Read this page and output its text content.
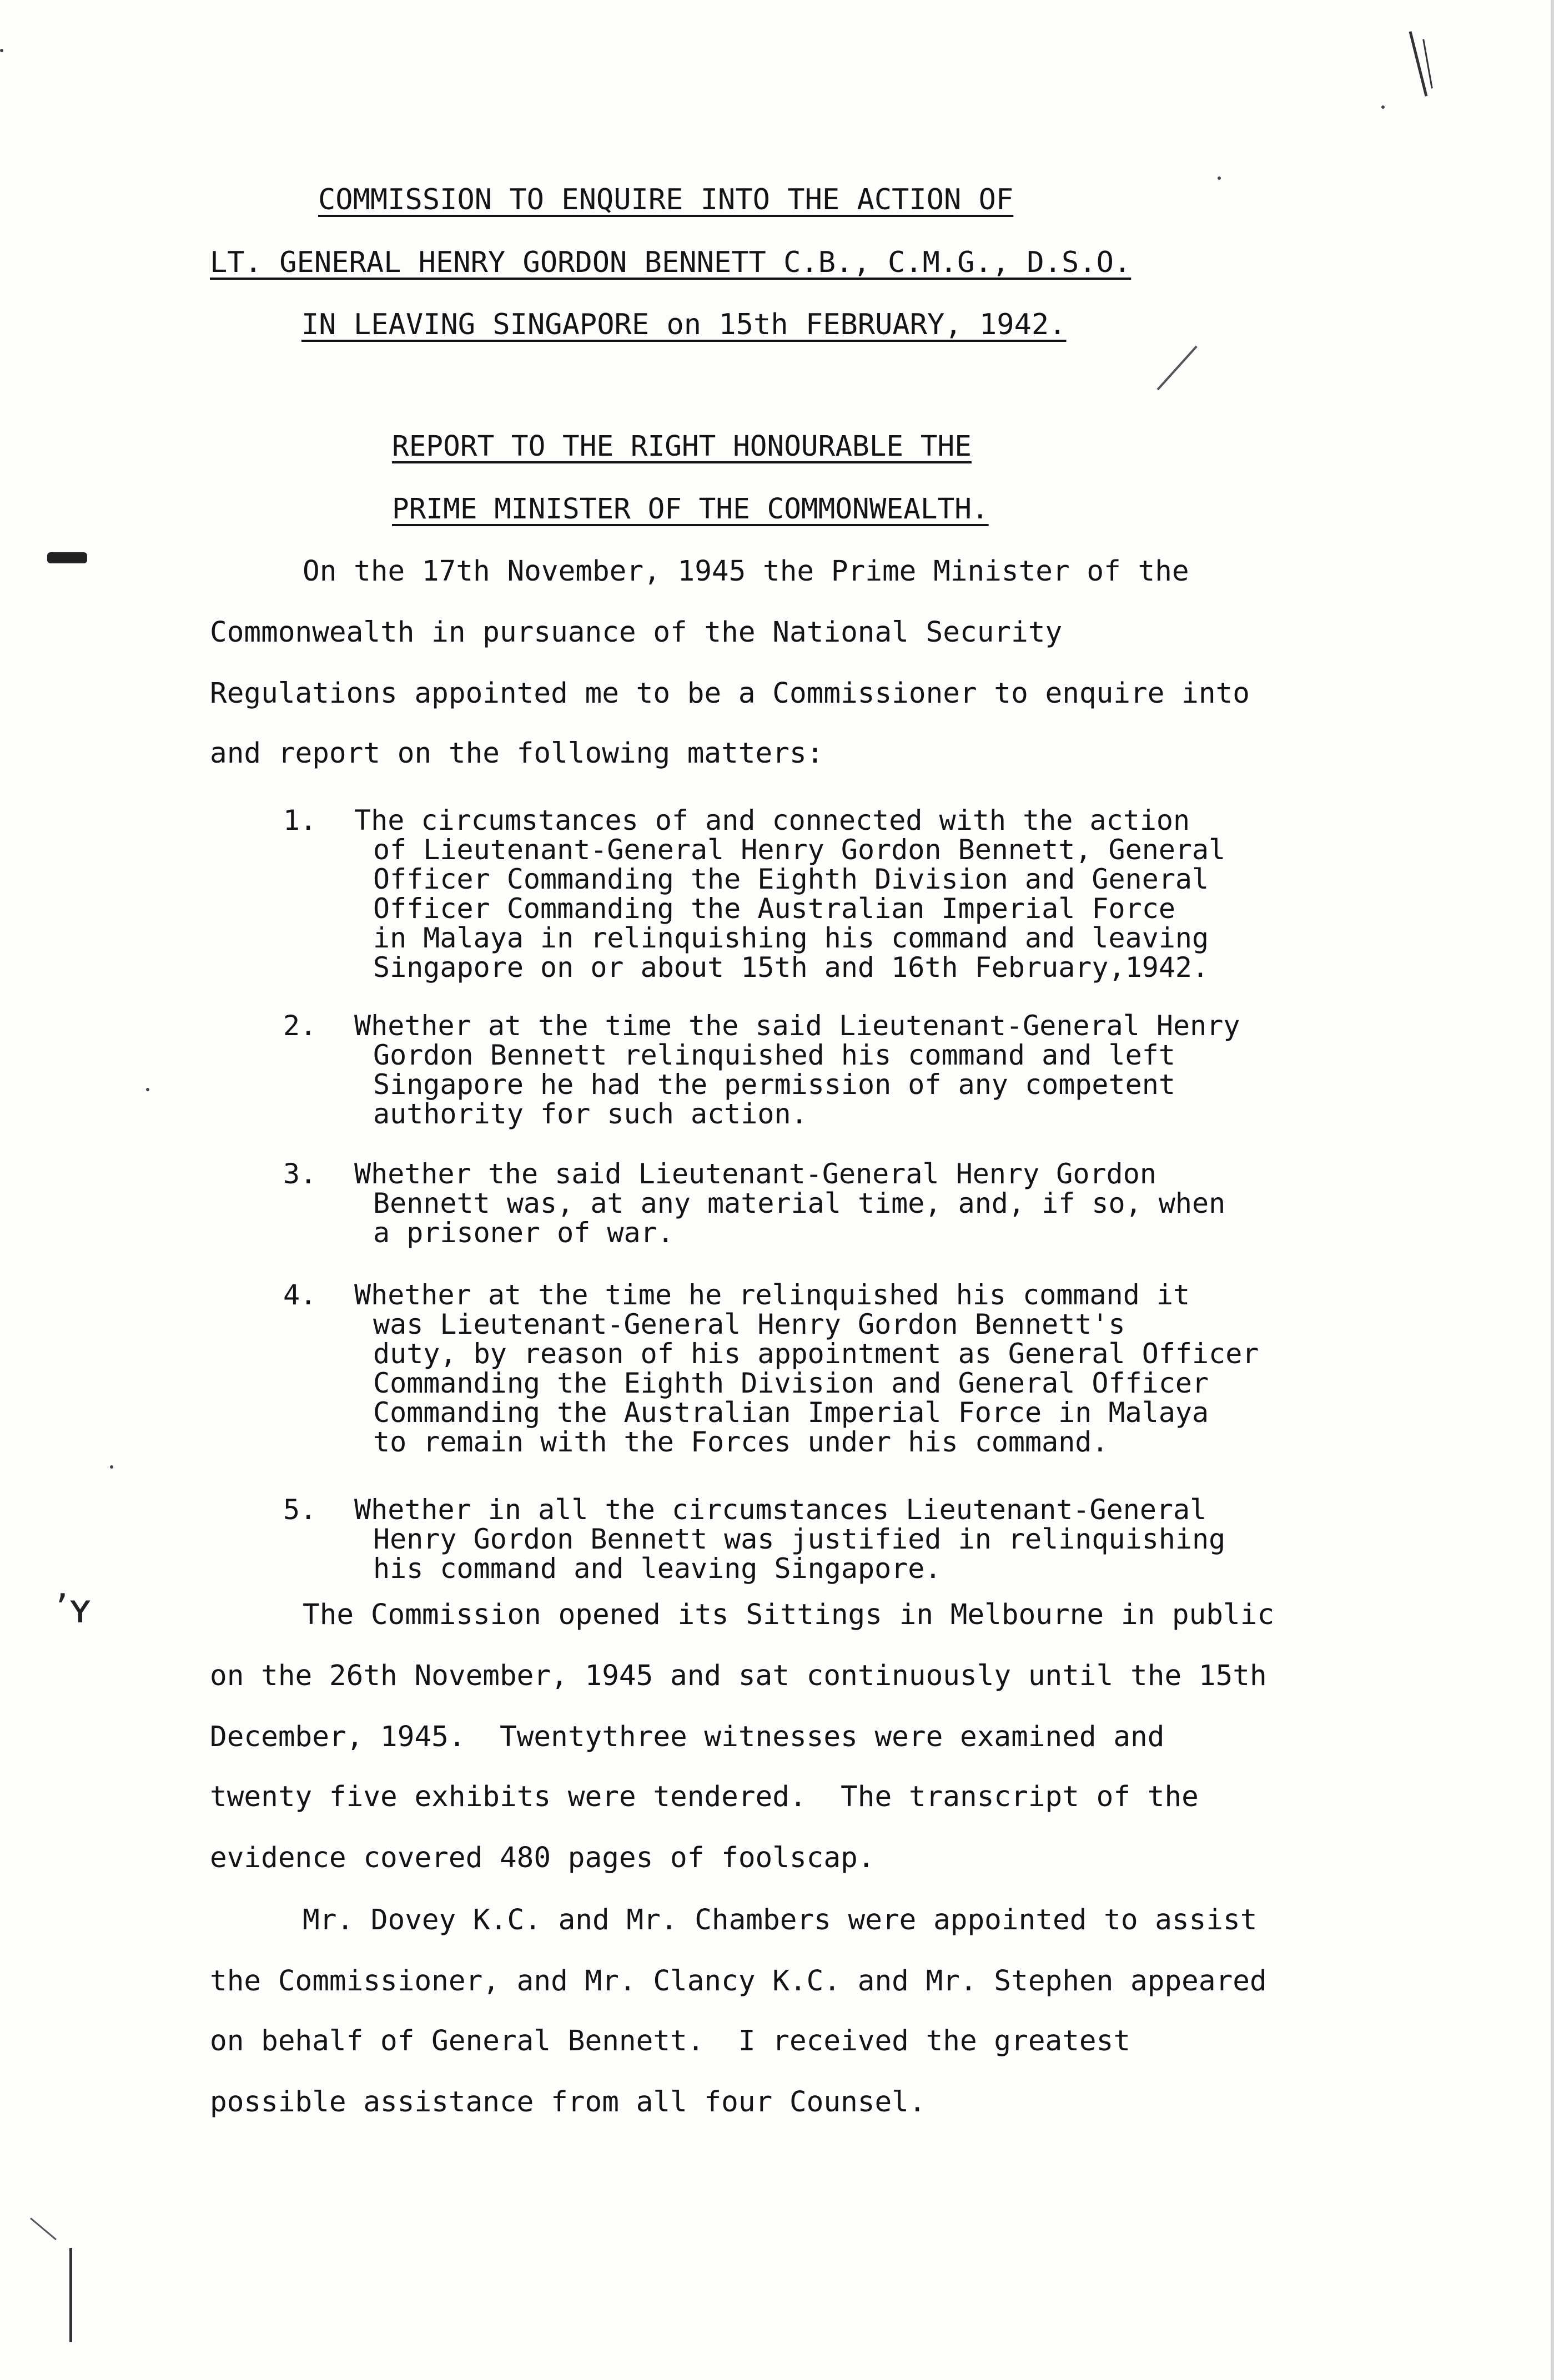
COMMISSION TO ENQUIRE INTO THE ACTION OF
LT. GENERAL HENRY GORDON BENNETT C.B., C.M.G., D.S.O.
IN LEAVING SINGAPORE on 15th FEBRUARY, 1942.
REPORT TO THE RIGHT HONOURABLE THE
PRIME MINISTER OF THE COMMONWEALTH.
On the 17th November, 1945 the Prime Minister of the
Commonwealth in pursuance of the National Security
Regulations appointed me to be a Commissioner to enquire into
and report on the following matters:
1. The circumstances of and connected with the action
of Lieutenant-General Henry Gordon Bennett, General
Officer Commanding the Eighth Division and General
Officer Commanding the Australian Imperial Force
in Malaya in relinquishing his command and leaving
Singapore on or about 15th and 16th February,1942.
2. Whether at the time the said Lieutenant-General Henry
Gordon Bennett relinquished his command and left
Singapore he had the permission of any competent
authority for such action.
3. Whether the said Lieutenant-General Henry Gordon
Bennett was, at any material time, and, if so, when
a prisoner of war.
4. Whether at the time he relinquished his command it
was Lieutenant-General Henry Gordon Bennett's
duty, by reason of his appointment as General Officer
Commanding the Eighth Division and General Officer
Commanding the Australian Imperial Force in Malaya
to remain with the Forces under his command.
5. Whether in all the circumstances Lieutenant-General
Henry Gordon Bennett was justified in relinquishing
his command and leaving Singapore.
The Commission opened its Sittings in Melbourne in public
on the 26th November, 1945 and sat continuously until the 15th
December, 1945.  Twentythree witnesses were examined and
twenty five exhibits were tendered.  The transcript of the
evidence covered 480 pages of foolscap.
Mr. Dovey K.C. and Mr. Chambers were appointed to assist
the Commissioner, and Mr. Clancy K.C. and Mr. Stephen appeared
on behalf of General Bennett.  I received the greatest
possible assistance from all four Counsel.
ʼʏ
